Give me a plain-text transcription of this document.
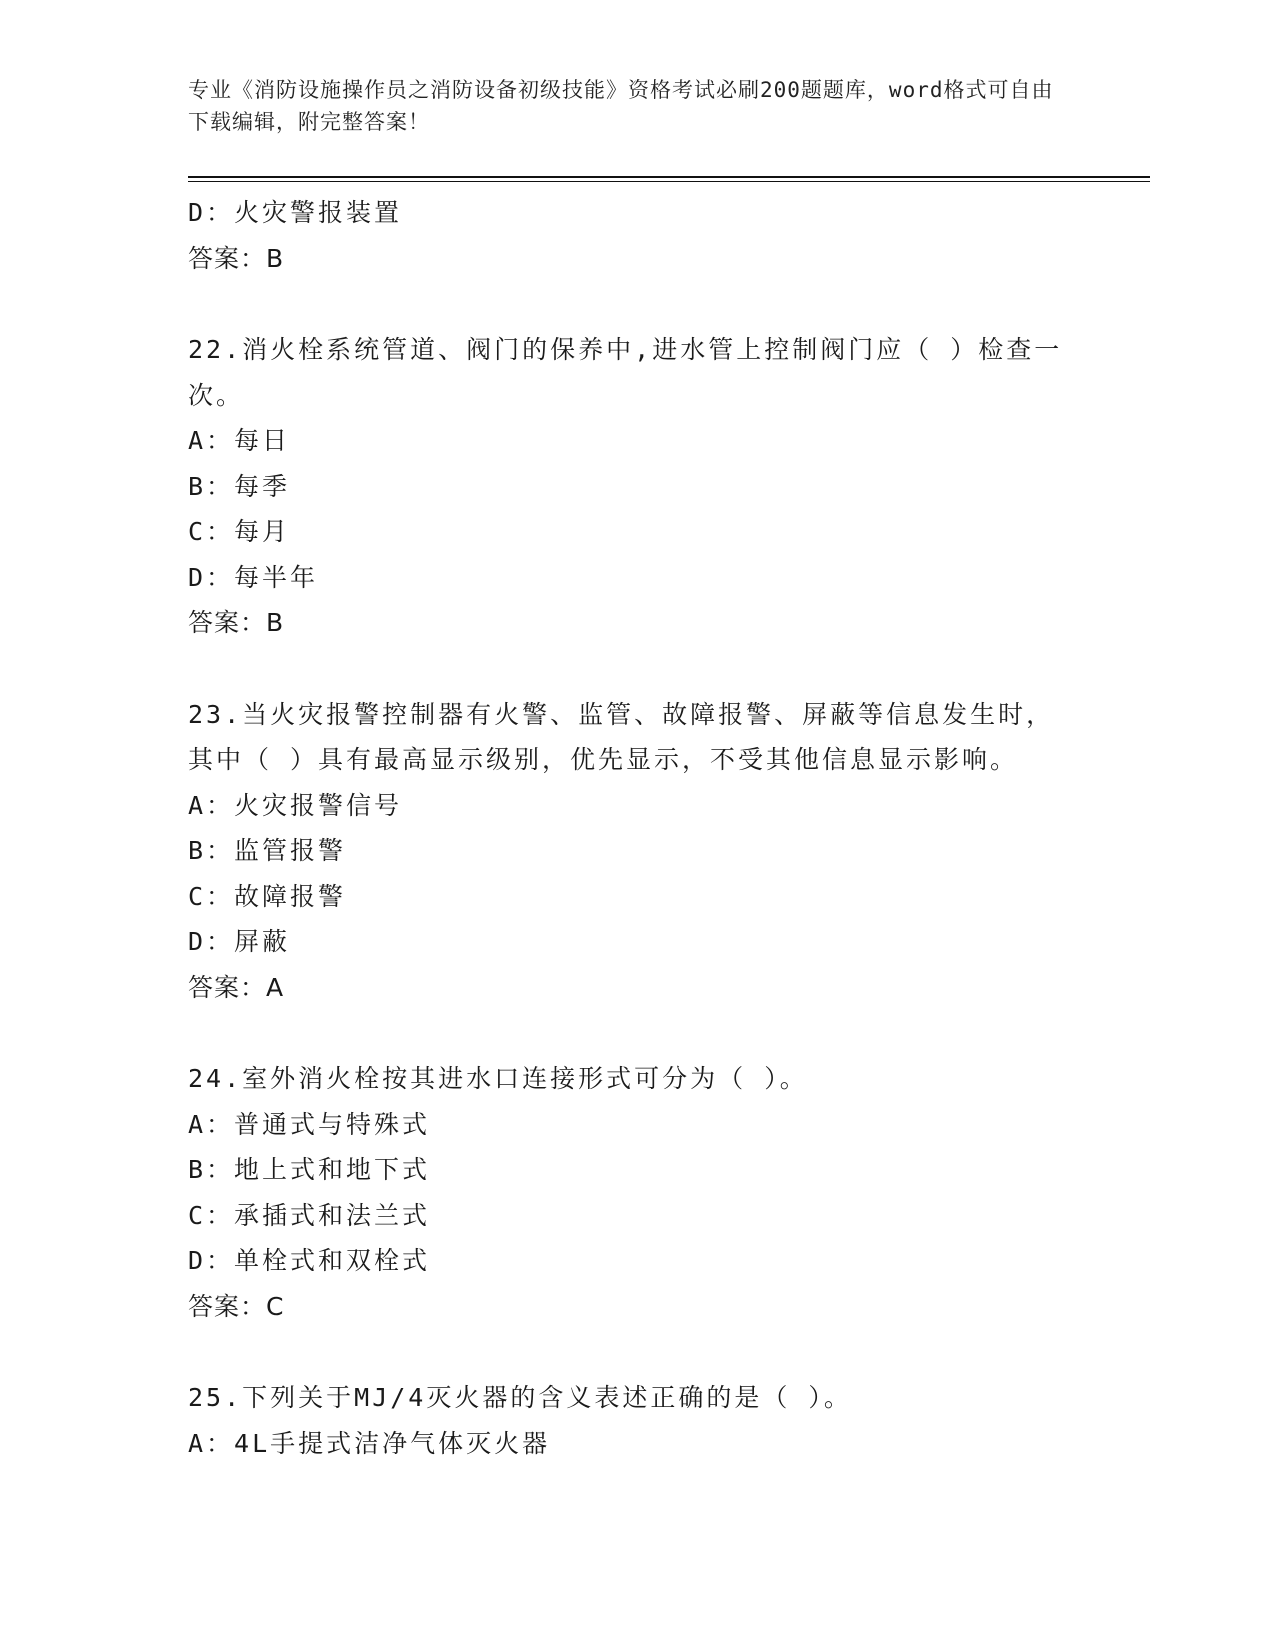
专业《消防设施操作员之消防设备初级技能》资格考试必刷200题题库，word格式可自由下载编辑，附完整答案！
D：火灾警报装置
答案：B
22.消火栓系统管道、阀门的保养中,进水管上控制阀门应（ ）检查一次。
A：每日
B：每季
C：每月
D：每半年
答案：B
23.当火灾报警控制器有火警、监管、故障报警、屏蔽等信息发生时，其中（ ）具有最高显示级别，优先显示，不受其他信息显示影响。
A：火灾报警信号
B：监管报警
C：故障报警
D：屏蔽
答案：A
24.室外消火栓按其进水口连接形式可分为（ ）。
A：普通式与特殊式
B：地上式和地下式
C：承插式和法兰式
D：单栓式和双栓式
答案：C
25.下列关于MJ/4灭火器的含义表述正确的是（ ）。
A：4L手提式洁净气体灭火器
